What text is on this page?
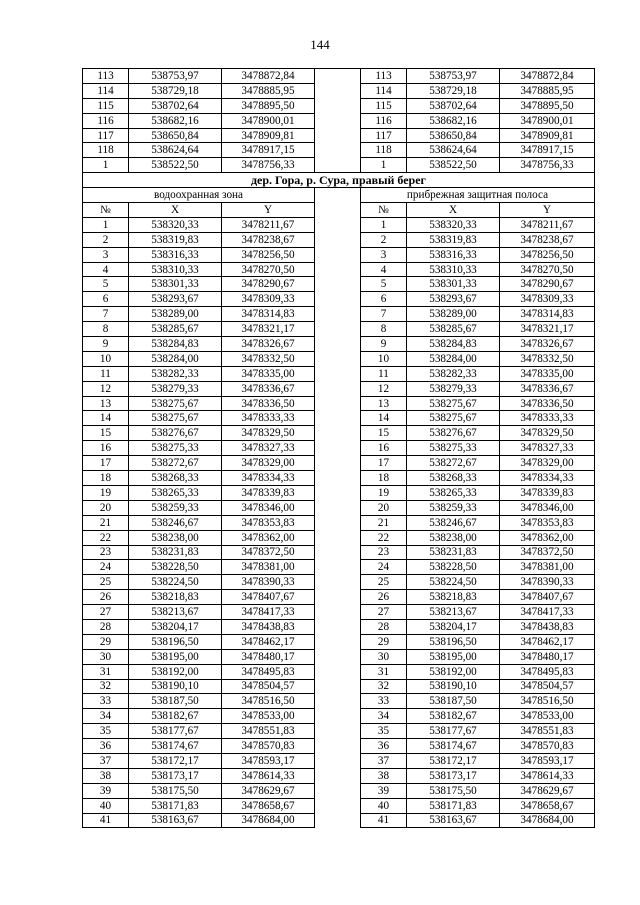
144
113	538753,97	3478872,84		113	538753,97	3478872,84
114	538729,18	3478885,95		114	538729,18	3478885,95
115	538702,64	3478895,50		115	538702,64	3478895,50
116	538682,16	3478900,01		116	538682,16	3478900,01
117	538650,84	3478909,81		117	538650,84	3478909,81
118	538624,64	3478917,15		118	538624,64	3478917,15
1	538522,50	3478756,33		1	538522,50	3478756,33
дер. Гора, р. Сура, правый берег						
водоохранная зона				прибрежная защитная полоса		
№	X	Y		№	X	Y
1	538320,33	3478211,67		1	538320,33	3478211,67
2	538319,83	3478238,67		2	538319,83	3478238,67
3	538316,33	3478256,50		3	538316,33	3478256,50
4	538310,33	3478270,50		4	538310,33	3478270,50
5	538301,33	3478290,67		5	538301,33	3478290,67
6	538293,67	3478309,33		6	538293,67	3478309,33
7	538289,00	3478314,83		7	538289,00	3478314,83
8	538285,67	3478321,17		8	538285,67	3478321,17
9	538284,83	3478326,67		9	538284,83	3478326,67
10	538284,00	3478332,50		10	538284,00	3478332,50
11	538282,33	3478335,00		11	538282,33	3478335,00
12	538279,33	3478336,67		12	538279,33	3478336,67
13	538275,67	3478336,50		13	538275,67	3478336,50
14	538275,67	3478333,33		14	538275,67	3478333,33
15	538276,67	3478329,50		15	538276,67	3478329,50
16	538275,33	3478327,33		16	538275,33	3478327,33
17	538272,67	3478329,00		17	538272,67	3478329,00
18	538268,33	3478334,33		18	538268,33	3478334,33
19	538265,33	3478339,83		19	538265,33	3478339,83
20	538259,33	3478346,00		20	538259,33	3478346,00
21	538246,67	3478353,83		21	538246,67	3478353,83
22	538238,00	3478362,00		22	538238,00	3478362,00
23	538231,83	3478372,50		23	538231,83	3478372,50
24	538228,50	3478381,00		24	538228,50	3478381,00
25	538224,50	3478390,33		25	538224,50	3478390,33
26	538218,83	3478407,67		26	538218,83	3478407,67
27	538213,67	3478417,33		27	538213,67	3478417,33
28	538204,17	3478438,83		28	538204,17	3478438,83
29	538196,50	3478462,17		29	538196,50	3478462,17
30	538195,00	3478480,17		30	538195,00	3478480,17
31	538192,00	3478495,83		31	538192,00	3478495,83
32	538190,10	3478504,57		32	538190,10	3478504,57
33	538187,50	3478516,50		33	538187,50	3478516,50
34	538182,67	3478533,00		34	538182,67	3478533,00
35	538177,67	3478551,83		35	538177,67	3478551,83
36	538174,67	3478570,83		36	538174,67	3478570,83
37	538172,17	3478593,17		37	538172,17	3478593,17
38	538173,17	3478614,33		38	538173,17	3478614,33
39	538175,50	3478629,67		39	538175,50	3478629,67
40	538171,83	3478658,67		40	538171,83	3478658,67
41	538163,67	3478684,00		41	538163,67	3478684,00
